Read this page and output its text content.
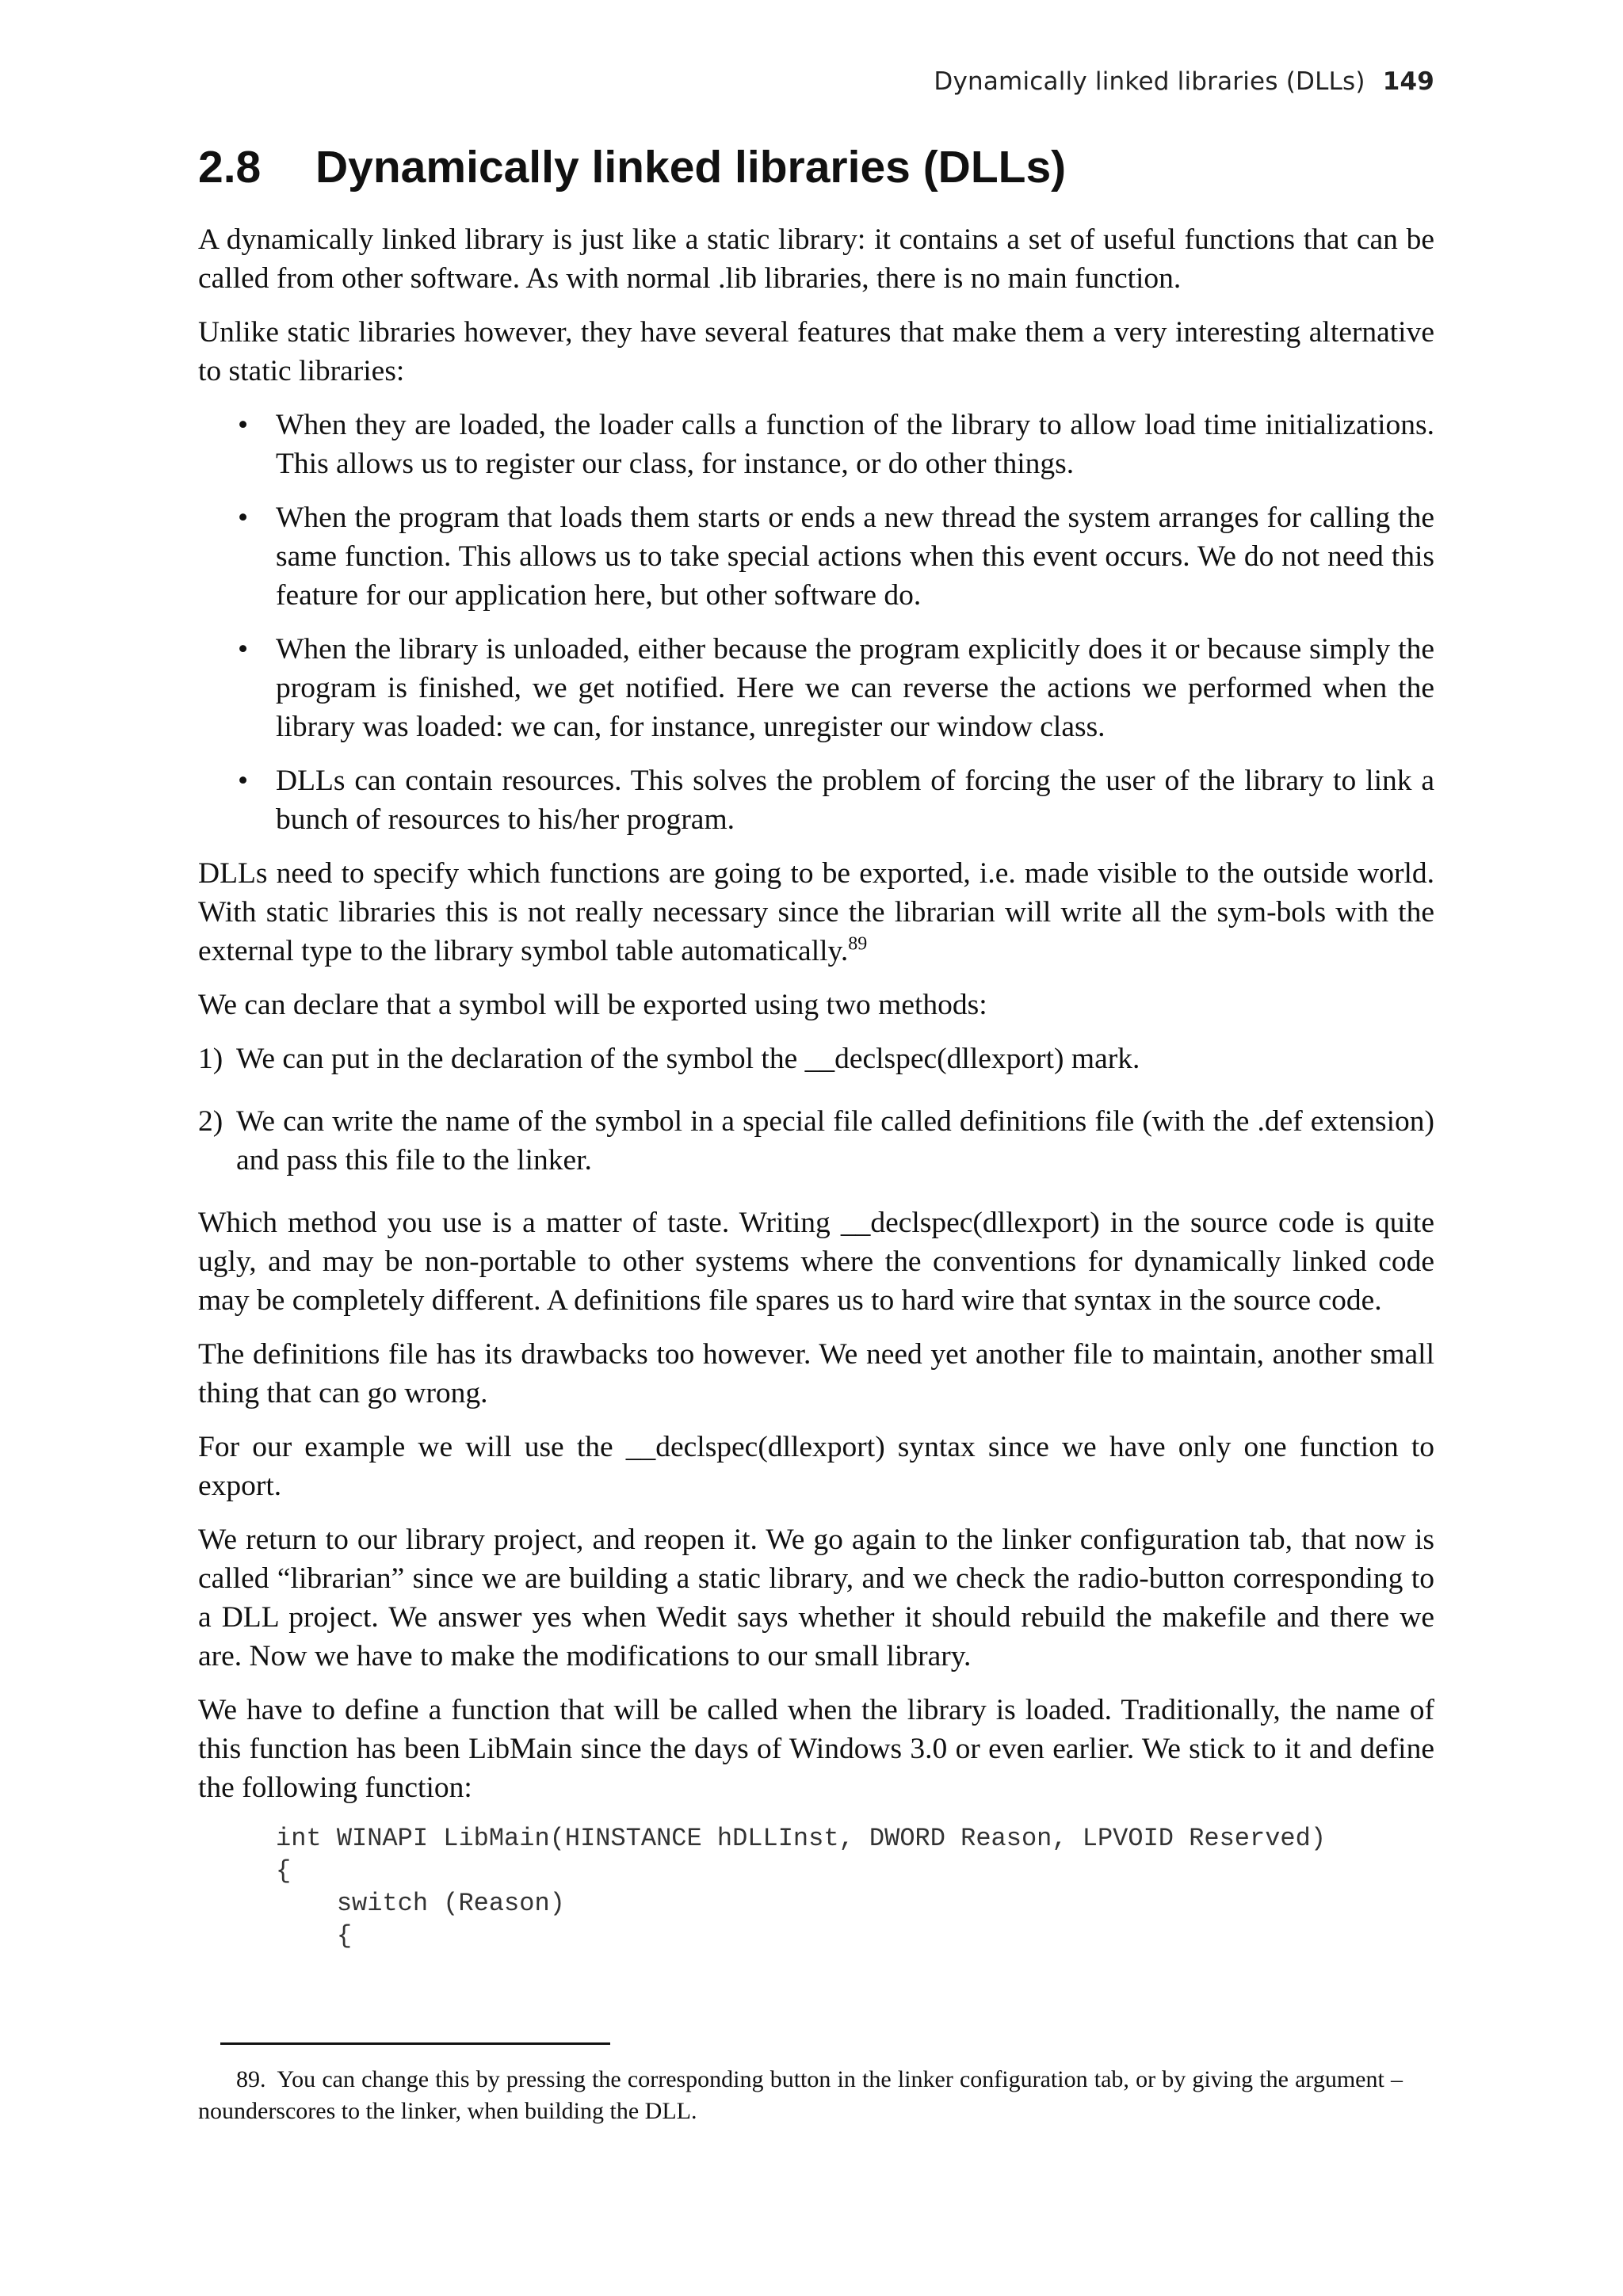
Dynamically linked libraries (DLLs) 149
2.8 Dynamically linked libraries (DLLs)

A dynamically linked library is just like a static library: it contains a set of useful functions that can be called from other software. As with normal .lib libraries, there is no main function.

Unlike static libraries however, they have several features that make them a very interesting alternative to static libraries:

• When they are loaded, the loader calls a function of the library to allow load time initializations. This allows us to register our class, for instance, or do other things.
• When the program that loads them starts or ends a new thread the system arranges for calling the same function. This allows us to take special actions when this event occurs. We do not need this feature for our application here, but other software do.
• When the library is unloaded, either because the program explicitly does it or because simply the program is finished, we get notified. Here we can reverse the actions we performed when the library was loaded: we can, for instance, unregister our window class.
• DLLs can contain resources. This solves the problem of forcing the user of the library to link a bunch of resources to his/her program.

DLLs need to specify which functions are going to be exported, i.e. made visible to the outside world. With static libraries this is not really necessary since the librarian will write all the sym-bols with the external type to the library symbol table automatically.$^{89}$

We can declare that a symbol will be exported using two methods:

1) We can put in the declaration of the symbol the __declspec(dllexport) mark.
2) We can write the name of the symbol in a special file called definitions file (with the .def extension) and pass this file to the linker.

Which method you use is a matter of taste. Writing __declspec(dllexport) in the source code is quite ugly, and may be non-portable to other systems where the conventions for dynamically linked code may be completely different. A definitions file spares us to hard wire that syntax in the source code.

The definitions file has its drawbacks too however. We need yet another file to maintain, another small thing that can go wrong.

For our example we will use the __declspec(dllexport) syntax since we have only one function to export.

We return to our library project, and reopen it. We go again to the linker configuration tab, that now is called “librarian” since we are building a static library, and we check the radio-button corresponding to a DLL project. We answer yes when Wedit says whether it should rebuild the makefile and there we are. Now we have to make the modifications to our small library.

We have to define a function that will be called when the library is loaded. Traditionally, the name of this function has been LibMain since the days of Windows 3.0 or even earlier. We stick to it and define the following function:

int WINAPI LibMain(HINSTANCE hDLLInst, DWORD Reason, LPVOID Reserved)
{
switch (Reason)
{
89. You can change this by pressing the corresponding button in the linker configuration tab, or by giving the argument –nounderscores to the linker, when building the DLL.
